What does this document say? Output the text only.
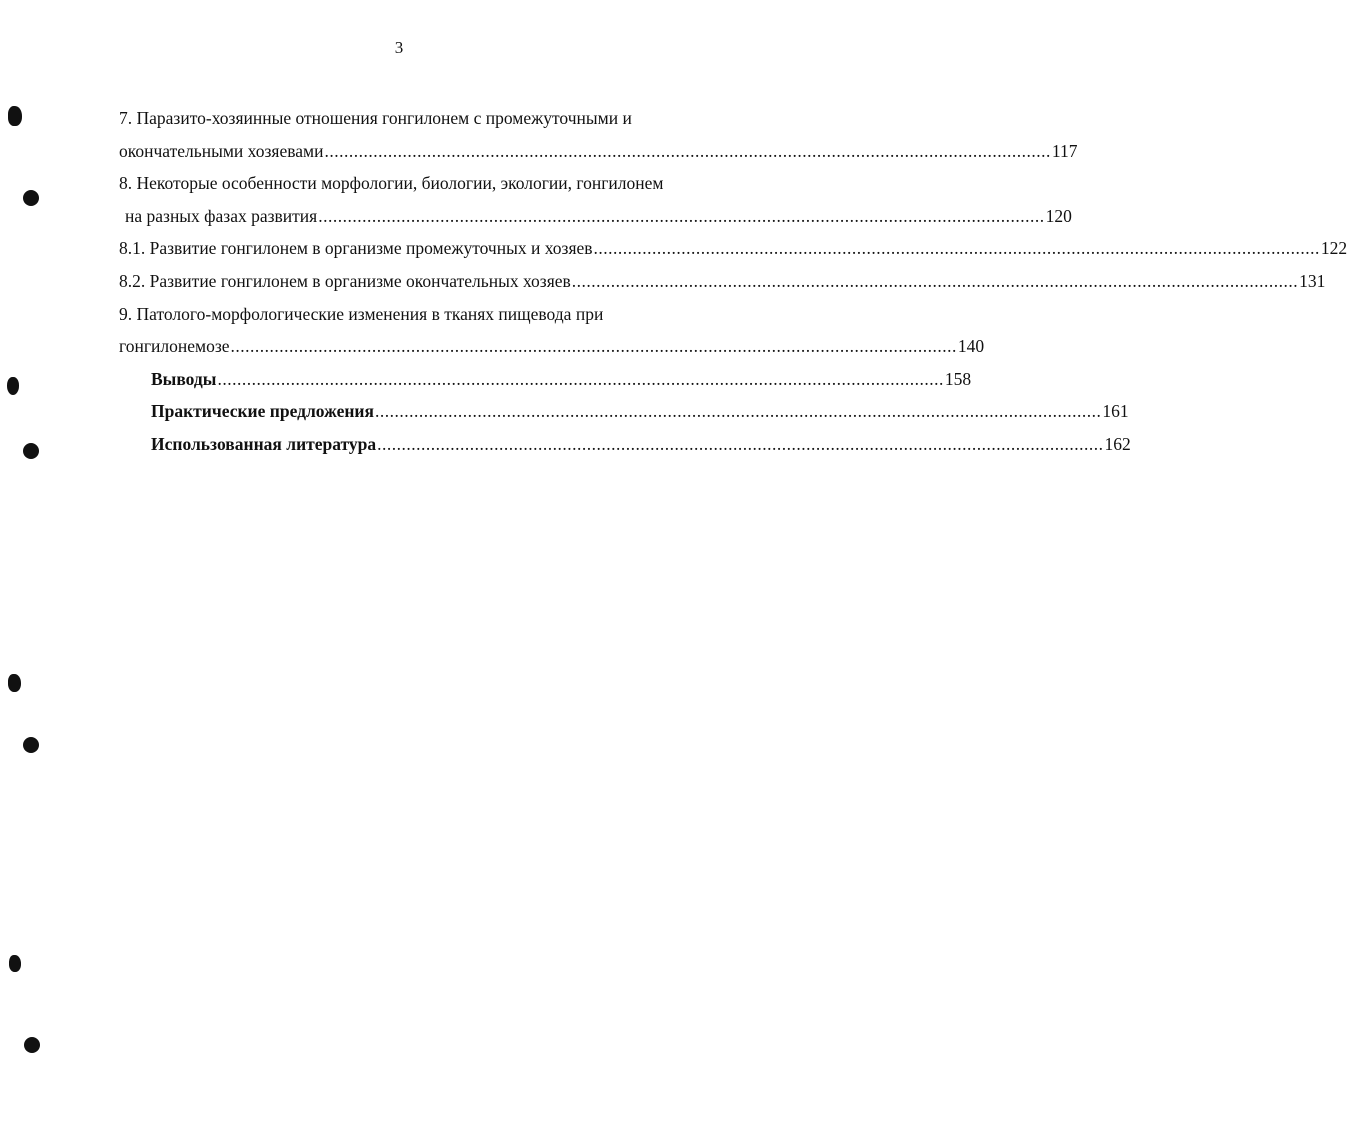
3
7. Паразито-хозяинные отношения гонгилонем с промежуточными и
окончательными хозяевами ..................................................................................................................................................... 117
8. Некоторые особенности морфологии, биологии, экологии, гонгилонем
на разных фазах развития ..................................................................................................................................................... 120
8.1. Развитие гонгилонем в организме промежуточных и хозяев ..................................................................................................................................................... 122
8.2. Развитие гонгилонем в организме окончательных хозяев ..................................................................................................................................................... 131
9. Патолого-морфологические изменения в тканях пищевода при
гонгилонемозе ..................................................................................................................................................... 140
Выводы ..................................................................................................................................................... 158
Практические предложения ..................................................................................................................................................... 161
Использованная литература ..................................................................................................................................................... 162
